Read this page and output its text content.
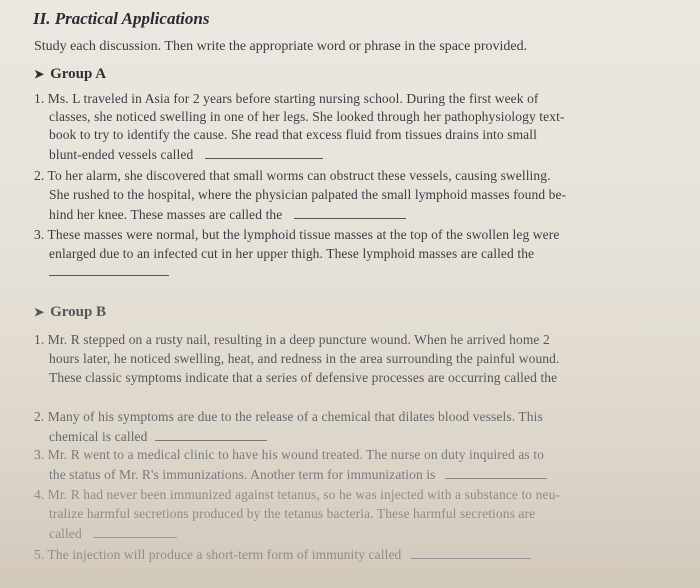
II. Practical Applications
Study each discussion. Then write the appropriate word or phrase in the space provided.
➤ Group A
1. Ms. L traveled in Asia for 2 years before starting nursing school. During the first week of
classes, she noticed swelling in one of her legs. She looked through her pathophysiology text-
book to try to identify the cause. She read that excess fluid from tissues drains into small
blunt-ended vessels called
2. To her alarm, she discovered that small worms can obstruct these vessels, causing swelling.
She rushed to the hospital, where the physician palpated the small lymphoid masses found be-
hind her knee. These masses are called the
3. These masses were normal, but the lymphoid tissue masses at the top of the swollen leg were
enlarged due to an infected cut in her upper thigh. These lymphoid masses are called the
➤ Group B
1. Mr. R stepped on a rusty nail, resulting in a deep puncture wound. When he arrived home 2
hours later, he noticed swelling, heat, and redness in the area surrounding the painful wound.
These classic symptoms indicate that a series of defensive processes are occurring called the
2. Many of his symptoms are due to the release of a chemical that dilates blood vessels. This
chemical is called
3. Mr. R went to a medical clinic to have his wound treated. The nurse on duty inquired as to
the status of Mr. R's immunizations. Another term for immunization is
4. Mr. R had never been immunized against tetanus, so he was injected with a substance to neu-
tralize harmful secretions produced by the tetanus bacteria. These harmful secretions are
called
5. The injection will produce a short-term form of immunity called
